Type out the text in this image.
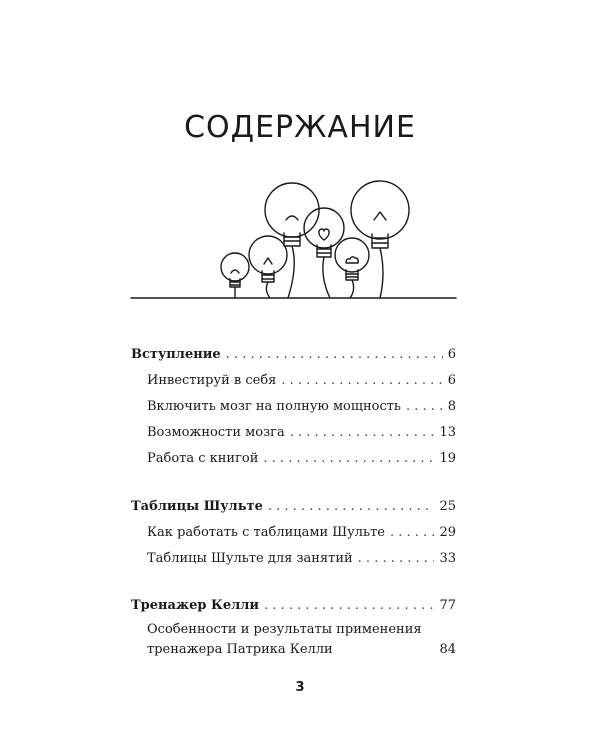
СОДЕРЖАНИЕ
Вступление . . .	6
Инвестируй в себя . . .	6
Включить мозг на полную мощность . . .	8
Возможности мозга . . .	13
Работа с книгой . . .	19
Таблицы Шульте . . .	25
Как работать с таблицами Шульте . . .	29
Таблицы Шульте для занятий . . .	33
Тренажер Келли . . .	77
Особенности и результаты применения
тренажера Патрика Келли	84
3
